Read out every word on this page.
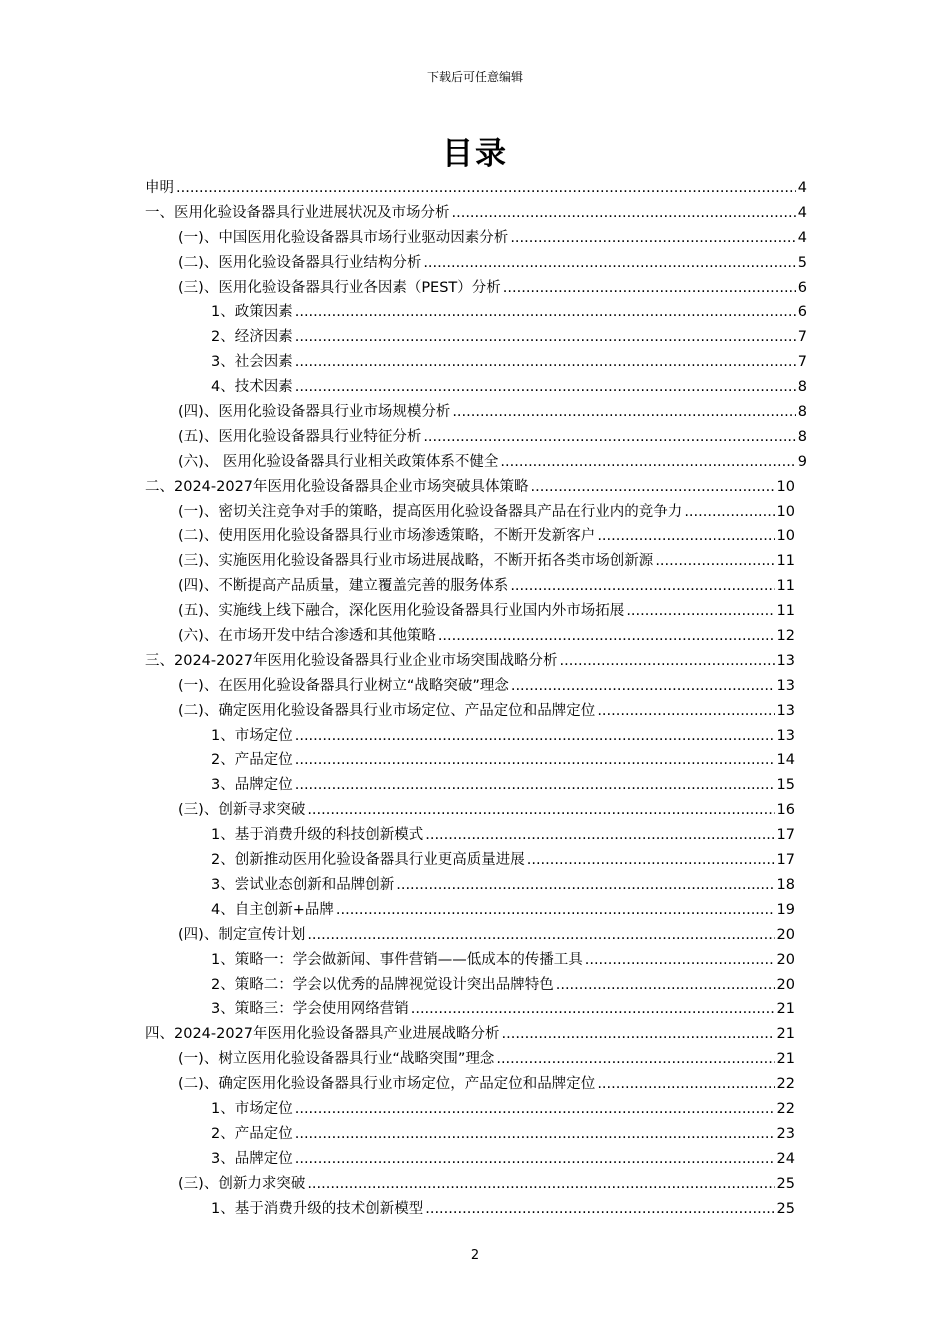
下载后可任意编辑
目录
申明 .....	4
一、医用化验设备器具行业进展状况及市场分析 .....	4
(一)、中国医用化验设备器具市场行业驱动因素分析 .....	4
(二)、医用化验设备器具行业结构分析 .....	5
(三)、医用化验设备器具行业各因素（PEST）分析 .....	6
1、政策因素 .....	6
2、经济因素 .....	7
3、社会因素 .....	7
4、技术因素 .....	8
(四)、医用化验设备器具行业市场规模分析 .....	8
(五)、医用化验设备器具行业特征分析 .....	8
(六)、 医用化验设备器具行业相关政策体系不健全 .....	9
二、2024-2027年医用化验设备器具企业市场突破具体策略 .....	10
(一)、密切关注竞争对手的策略，提高医用化验设备器具产品在行业内的竞争力 .....	10
(二)、使用医用化验设备器具行业市场渗透策略，不断开发新客户 .....	10
(三)、实施医用化验设备器具行业市场进展战略，不断开拓各类市场创新源 .....	11
(四)、不断提高产品质量，建立覆盖完善的服务体系 .....	11
(五)、实施线上线下融合，深化医用化验设备器具行业国内外市场拓展 .....	11
(六)、在市场开发中结合渗透和其他策略 .....	12
三、2024-2027年医用化验设备器具行业企业市场突围战略分析 .....	13
(一)、在医用化验设备器具行业树立“战略突破”理念 .....	13
(二)、确定医用化验设备器具行业市场定位、产品定位和品牌定位 .....	13
1、市场定位 .....	13
2、产品定位 .....	14
3、品牌定位 .....	15
(三)、创新寻求突破 .....	16
1、基于消费升级的科技创新模式 .....	17
2、创新推动医用化验设备器具行业更高质量进展 .....	17
3、尝试业态创新和品牌创新 .....	18
4、自主创新+品牌 .....	19
(四)、制定宣传计划 .....	20
1、策略一：学会做新闻、事件营销——低成本的传播工具 .....	20
2、策略二：学会以优秀的品牌视觉设计突出品牌特色 .....	20
3、策略三：学会使用网络营销 .....	21
四、2024-2027年医用化验设备器具产业进展战略分析 .....	21
(一)、树立医用化验设备器具行业“战略突围”理念 .....	21
(二)、确定医用化验设备器具行业市场定位，产品定位和品牌定位 .....	22
1、市场定位 .....	22
2、产品定位 .....	23
3、品牌定位 .....	24
(三)、创新力求突破 .....	25
1、基于消费升级的技术创新模型 .....	25
2
